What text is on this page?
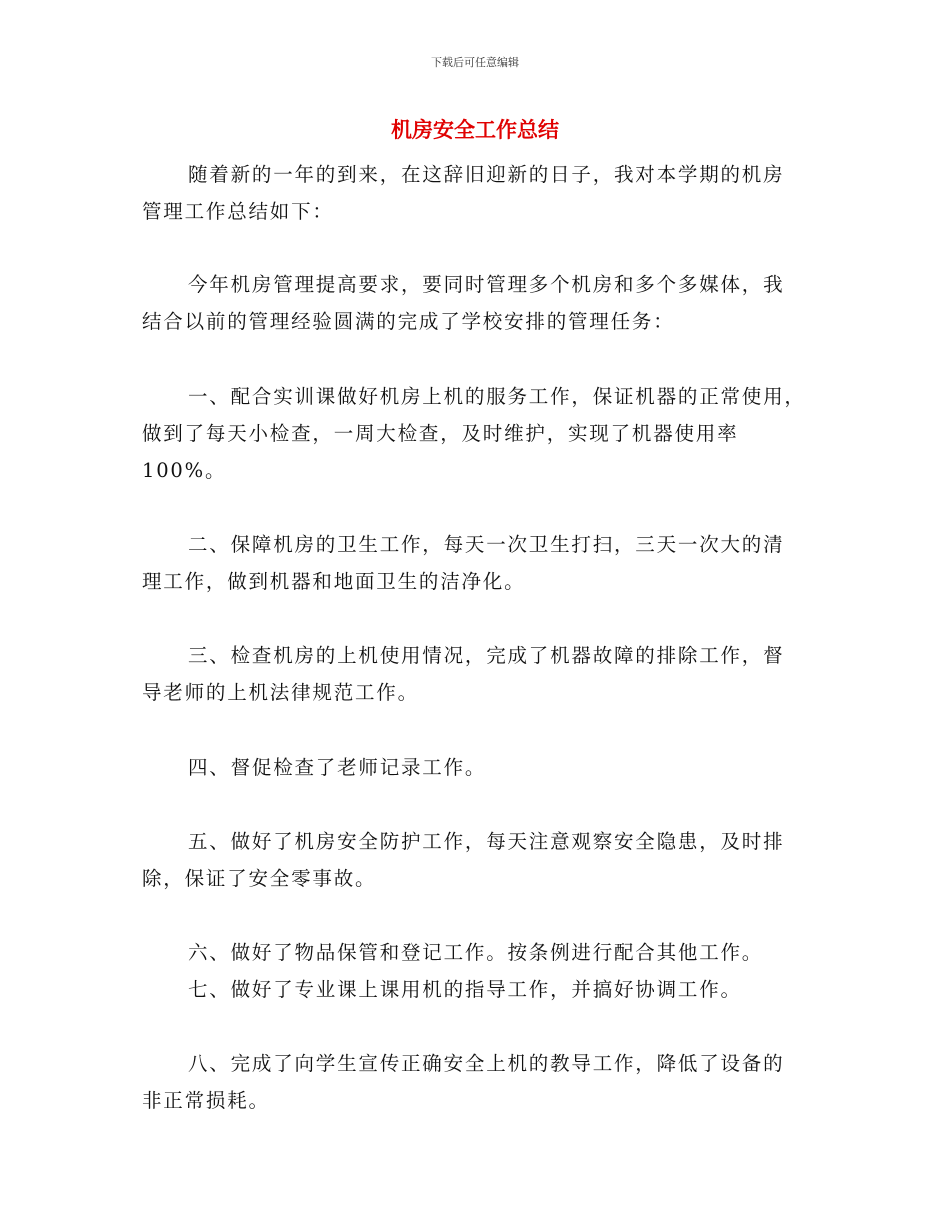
下载后可任意编辑
机房安全工作总结
随着新的一年的到来，在这辞旧迎新的日子，我对本学期的机房
管理工作总结如下：
今年机房管理提高要求，要同时管理多个机房和多个多媒体，我
结合以前的管理经验圆满的完成了学校安排的管理任务：
一、配合实训课做好机房上机的服务工作，保证机器的正常使用，
做到了每天小检查，一周大检查，及时维护，实现了机器使用率
100%。
二、保障机房的卫生工作，每天一次卫生打扫，三天一次大的清
理工作，做到机器和地面卫生的洁净化。
三、检查机房的上机使用情况，完成了机器故障的排除工作，督
导老师的上机法律规范工作。
四、督促检查了老师记录工作。
五、做好了机房安全防护工作，每天注意观察安全隐患，及时排
除，保证了安全零事故。
六、做好了物品保管和登记工作。按条例进行配合其他工作。
七、做好了专业课上课用机的指导工作，并搞好协调工作。
八、完成了向学生宣传正确安全上机的教导工作，降低了设备的
非正常损耗。
